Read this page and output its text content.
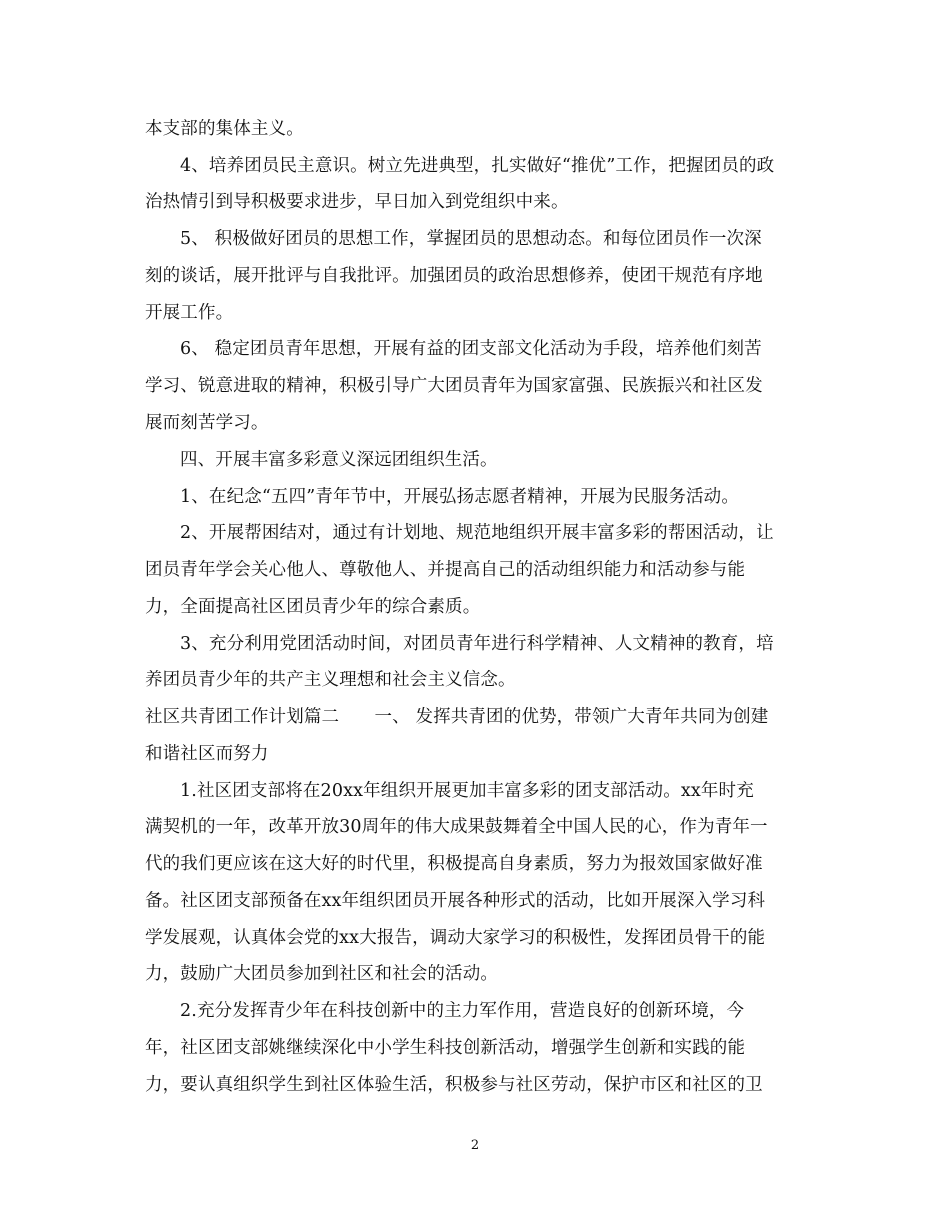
本支部的集体主义。
4、培养团员民主意识。树立先进典型，扎实做好“推优”工作，把握团员的政
治热情引到导积极要求进步，早日加入到党组织中来。
5、 积极做好团员的思想工作，掌握团员的思想动态。和每位团员作一次深
刻的谈话，展开批评与自我批评。加强团员的政治思想修养，使团干规范有序地
开展工作。
6、 稳定团员青年思想，开展有益的团支部文化活动为手段，培养他们刻苦
学习、锐意进取的精神，积极引导广大团员青年为国家富强、民族振兴和社区发
展而刻苦学习。
四、开展丰富多彩意义深远团组织生活。
1、在纪念“五四”青年节中，开展弘扬志愿者精神，开展为民服务活动。
2、开展帮困结对，通过有计划地、规范地组织开展丰富多彩的帮困活动，让
团员青年学会关心他人、尊敬他人、并提高自己的活动组织能力和活动参与能
力，全面提高社区团员青少年的综合素质。
3、充分利用党团活动时间，对团员青年进行科学精神、人文精神的教育，培
养团员青少年的共产主义理想和社会主义信念。
社区共青团工作计划篇二　　一、 发挥共青团的优势，带领广大青年共同为创建
和谐社区而努力
1.社区团支部将在20xx年组织开展更加丰富多彩的团支部活动。xx年时充
满契机的一年，改革开放30周年的伟大成果鼓舞着全中国人民的心，作为青年一
代的我们更应该在这大好的时代里，积极提高自身素质，努力为报效国家做好准
备。社区团支部预备在xx年组织团员开展各种形式的活动，比如开展深入学习科
学发展观，认真体会党的xx大报告，调动大家学习的积极性，发挥团员骨干的能
力，鼓励广大团员参加到社区和社会的活动。
2.充分发挥青少年在科技创新中的主力军作用，营造良好的创新环境，今
年，社区团支部姚继续深化中小学生科技创新活动，增强学生创新和实践的能
力，要认真组织学生到社区体验生活，积极参与社区劳动，保护市区和社区的卫
2
